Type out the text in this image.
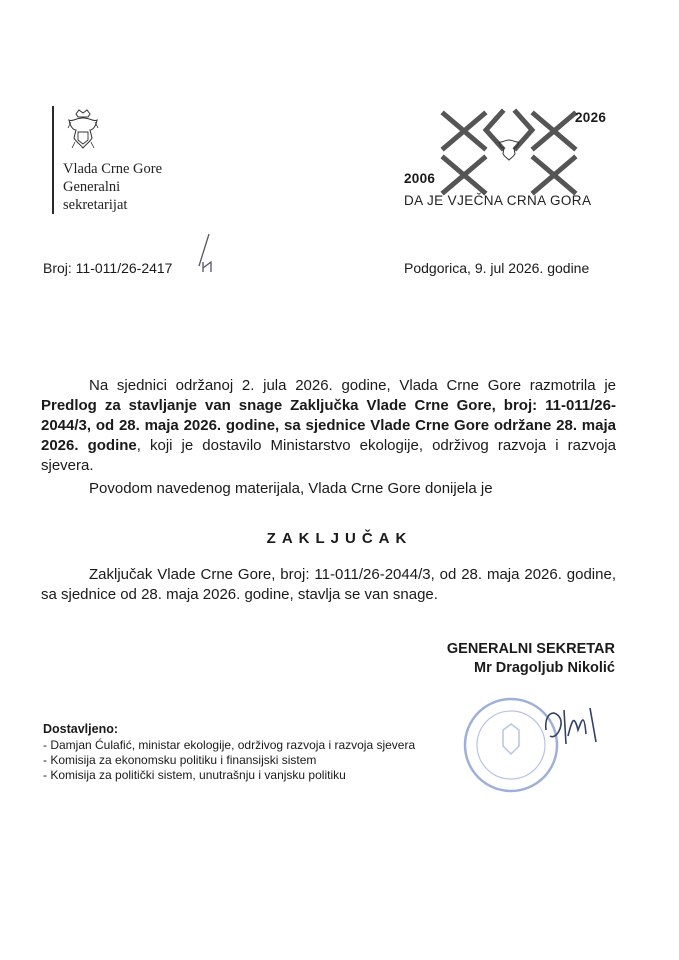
Vlada Crne Gore
Generalni
sekretarijat
2026
2006
DA JE VJEČNA CRNA GORA
Broj: 11-011/26-2417	Podgorica, 9. jul 2026. godine
Na sjednici održanoj 2. jula 2026. godine, Vlada Crne Gore razmotrila je Predlog za stavljanje van snage Zaključka Vlade Crne Gore, broj: 11-011/26-2044/3, od 28. maja 2026. godine, sa sjednice Vlade Crne Gore održane 28. maja 2026. godine, koji je dostavilo Ministarstvo ekologije, održivog razvoja i razvoja sjevera.
Povodom navedenog materijala, Vlada Crne Gore donijela je
ZAKLJUČAK
Zaključak Vlade Crne Gore, broj: 11-011/26-2044/3, od 28. maja 2026. godine, sa sjednice od 28. maja 2026. godine, stavlja se van snage.
GENERALNI SEKRETAR
Mr Dragoljub Nikolić
Dostavljeno:
- Damjan Ćulafić, ministar ekologije, održivog razvoja i razvoja sjevera
- Komisija za ekonomsku politiku i finansijski sistem
- Komisija za politički sistem, unutrašnju i vanjsku politiku
